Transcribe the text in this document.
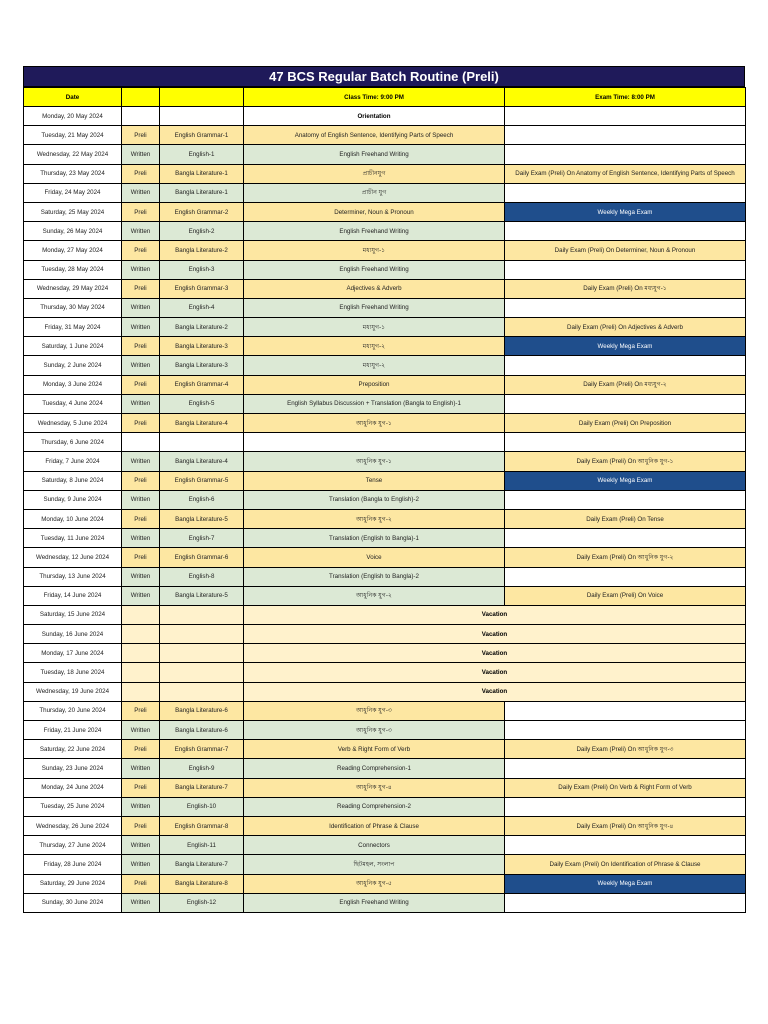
47 BCS Regular Batch Routine (Preli)
Date			Class Time: 9:00 PM	Exam Time: 8:00 PM
Monday, 20 May 2024			Orientation	
Tuesday, 21 May 2024	Preli	English Grammar-1	Anatomy of English Sentence, Identifying Parts of Speech	
Wednesday, 22 May 2024	Written	English-1	English Freehand Writing	
Thursday, 23 May 2024	Preli	Bangla Literature-1	প্রাচীনযুগ	Daily Exam (Preli) On Anatomy of English Sentence, Identifying Parts of Speech
Friday, 24 May 2024	Written	Bangla Literature-1	প্রাচীন যুগ	
Saturday, 25 May 2024	Preli	English Grammar-2	Determiner, Noun & Pronoun	Weekly Mega Exam
Sunday, 26 May 2024	Written	English-2	English Freehand Writing	
Monday, 27 May 2024	Preli	Bangla Literature-2	মধ্যযুগ-১	Daily Exam (Preli) On Determiner, Noun & Pronoun
Tuesday, 28 May 2024	Written	English-3	English Freehand Writing	
Wednesday, 29 May 2024	Preli	English Grammar-3	Adjectives & Adverb	Daily Exam (Preli) On মধ্যযুগ-১
Thursday, 30 May 2024	Written	English-4	English Freehand Writing	
Friday, 31 May 2024	Written	Bangla Literature-2	মধ্যযুগ-১	Daily Exam (Preli) On Adjectives & Adverb
Saturday, 1 June 2024	Preli	Bangla Literature-3	মধ্যযুগ-২	Weekly Mega Exam
Sunday, 2 June 2024	Written	Bangla Literature-3	মধ্যযুগ-২	
Monday, 3 June 2024	Preli	English Grammar-4	Preposition	Daily Exam (Preli) On মধ্যযুগ-২
Tuesday, 4 June 2024	Written	English-5	English Syllabus Discussion + Translation (Bangla to English)-1	
Wednesday, 5 June 2024	Preli	Bangla Literature-4	আধুনিক যুগ-১	Daily Exam (Preli) On Preposition
Thursday, 6 June 2024				
Friday, 7 June 2024	Written	Bangla Literature-4	আধুনিক যুগ-১	Daily Exam (Preli) On আধুনিক যুগ-১
Saturday, 8 June 2024	Preli	English Grammar-5	Tense	Weekly Mega Exam
Sunday, 9 June 2024	Written	English-6	Translation (Bangla to English)-2	
Monday, 10 June 2024	Preli	Bangla Literature-5	আধুনিক যুগ-২	Daily Exam (Preli) On Tense
Tuesday, 11 June 2024	Written	English-7	Translation (English to Bangla)-1	
Wednesday, 12 June 2024	Preli	English Grammar-6	Voice	Daily Exam (Preli) On আধুনিক যুগ-২
Thursday, 13 June 2024	Written	English-8	Translation (English to Bangla)-2	
Friday, 14 June 2024	Written	Bangla Literature-5	আধুনিক যুগ-২	Daily Exam (Preli) On Voice
Saturday, 15 June 2024			Vacation	
Sunday, 16 June 2024			Vacation	
Monday, 17 June 2024			Vacation	
Tuesday, 18 June 2024			Vacation	
Wednesday, 19 June 2024			Vacation	
Thursday, 20 June 2024	Preli	Bangla Literature-6	আধুনিক যুগ-৩	
Friday, 21 June 2024	Written	Bangla Literature-6	আধুনিক যুগ-৩	
Saturday, 22 June 2024	Preli	English Grammar-7	Verb & Right Form of Verb	Daily Exam (Preli) On আধুনিক যুগ-৩
Sunday, 23 June 2024	Written	English-9	Reading Comprehension-1	
Monday, 24 June 2024	Preli	Bangla Literature-7	আধুনিক যুগ-৪	Daily Exam (Preli) On Verb & Right Form of Verb
Tuesday, 25 June 2024	Written	English-10	Reading Comprehension-2	
Wednesday, 26 June 2024	Preli	English Grammar-8	Identification of Phrase & Clause	Daily Exam (Preli) On আধুনিক যুগ-৪
Thursday, 27 June 2024	Written	English-11	Connectors	
Friday, 28 June 2024	Written	Bangla Literature-7	ছিটমহল, সংলাপ	Daily Exam (Preli) On Identification of Phrase & Clause
Saturday, 29 June 2024	Preli	Bangla Literature-8	আধুনিক যুগ-৫	Weekly Mega Exam
Sunday, 30 June 2024	Written	English-12	English Freehand Writing	
